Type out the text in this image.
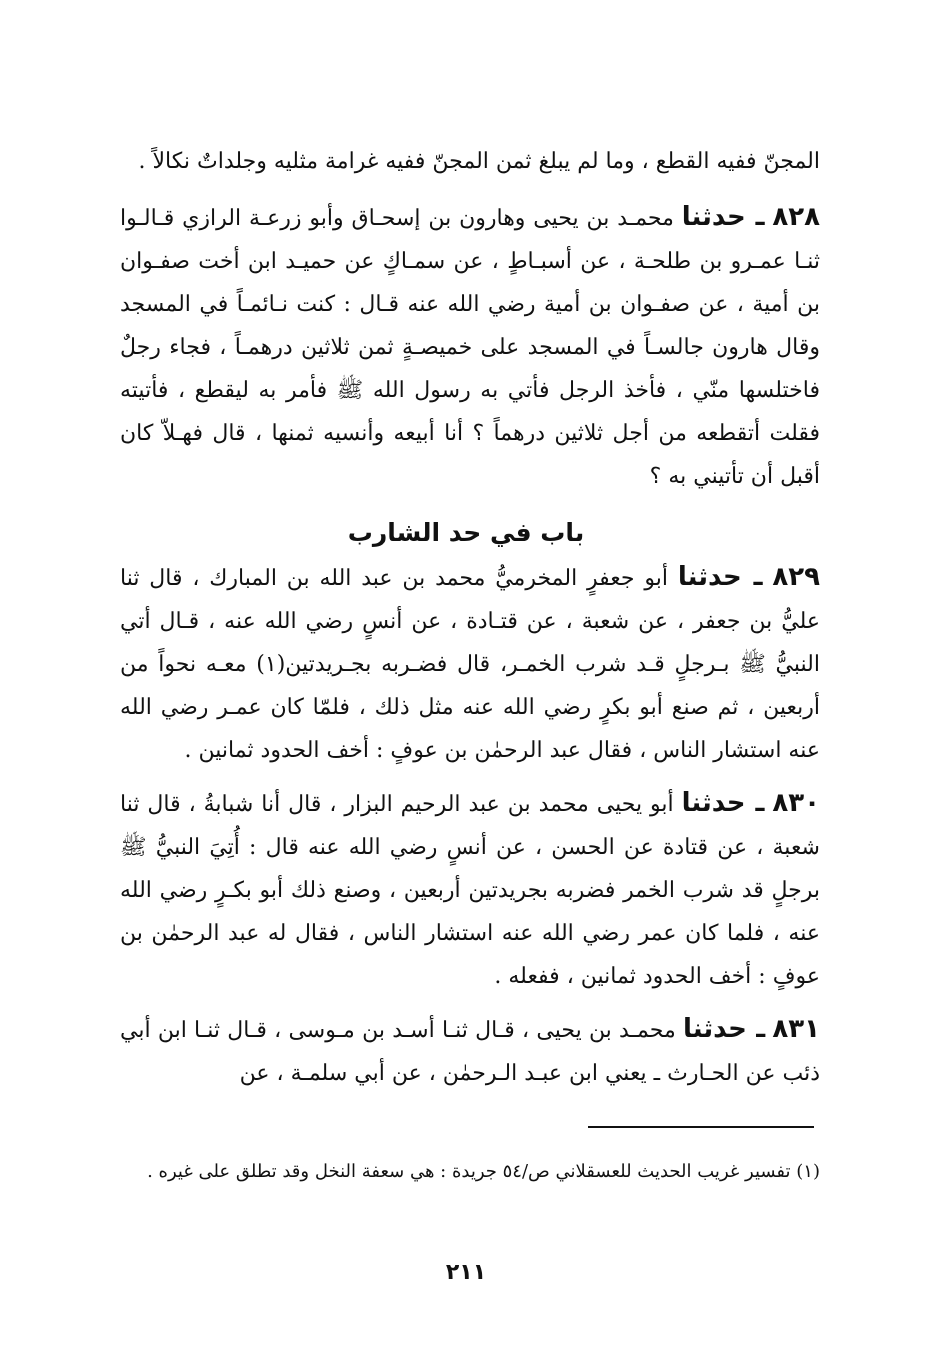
المجنّ ففيه القطع ، وما لم يبلغ ثمن المجنّ ففيه غرامة مثليه وجلداتٌ نكالاً .
٨٢٨ ـ حدثنا محمـد بن يحيى وهارون بن إسحـاق وأبو زرعـة الرازي قـالـوا ثنـا عمـرو بن طلحـة ، عن أسبـاطٍ ، عن سمـاكٍ عن حميـد ابن أخت صفـوان بن أمية ، عن صفـوان بن أمية رضي الله عنه قـال : كنت نـائمـاً في المسجد وقال هارون جالسـاً في المسجد على خميصـةٍ ثمن ثلاثين درهمـاً ، فجاء رجلٌ فاختلسها منّي ، فأخذ الرجل فأتي به رسول الله ﷺ فأمر به ليقطع ، فأتيته فقلت أتقطعه من أجل ثلاثين درهماً ؟ أنا أبيعه وأنسيه ثمنها ، قال فهـلاّ كان أقبل أن تأتيني به ؟
باب في حد الشارب
٨٢٩ ـ حدثنا أبو جعفرٍ المخرميُّ محمد بن عبد الله بن المبارك ، قال ثنا عليُّ بن جعفر ، عن شعبة ، عن قتـادة ، عن أنسٍ رضي الله عنه ، قـال أتي النبيُّ ﷺ بـرجلٍ قـد شرب الخمـر، قال فضـربه بجـريدتين(١) معـه نحواً من أربعين ، ثم صنع أبو بكرٍ رضي الله عنه مثل ذلك ، فلمّا كان عمـر رضي الله عنه استشار الناس ، فقال عبد الرحمٰن بن عوفٍ : أخف الحدود ثمانين .
٨٣٠ ـ حدثنا أبو يحيى محمد بن عبد الرحيم البزار ، قال أنا شبابةُ ، قال ثنا شعبة ، عن قتادة عن الحسن ، عن أنسٍ رضي الله عنه قال : أُتِيَ النبيُّ ﷺ برجلٍ قد شرب الخمر فضربه بجريدتين أربعين ، وصنع ذلك أبو بكـرٍ رضي الله عنه ، فلما كان عمر رضي الله عنه استشار الناس ، فقال له عبد الرحمٰن بن عوفٍ : أخف الحدود ثمانين ، ففعله .
٨٣١ ـ حدثنا محمـد بن يحيى ، قـال ثنـا أسـد بن مـوسى ، قـال ثنـا ابن أبي ذئب عن الحـارث ـ يعني ابن عبـد الـرحمٰن ، عن أبي سلمـة ، عن
(١) تفسير غريب الحديث للعسقلاني ص/٥٤ جريدة : هي سعفة النخل وقد تطلق على غيره .
٢١١
